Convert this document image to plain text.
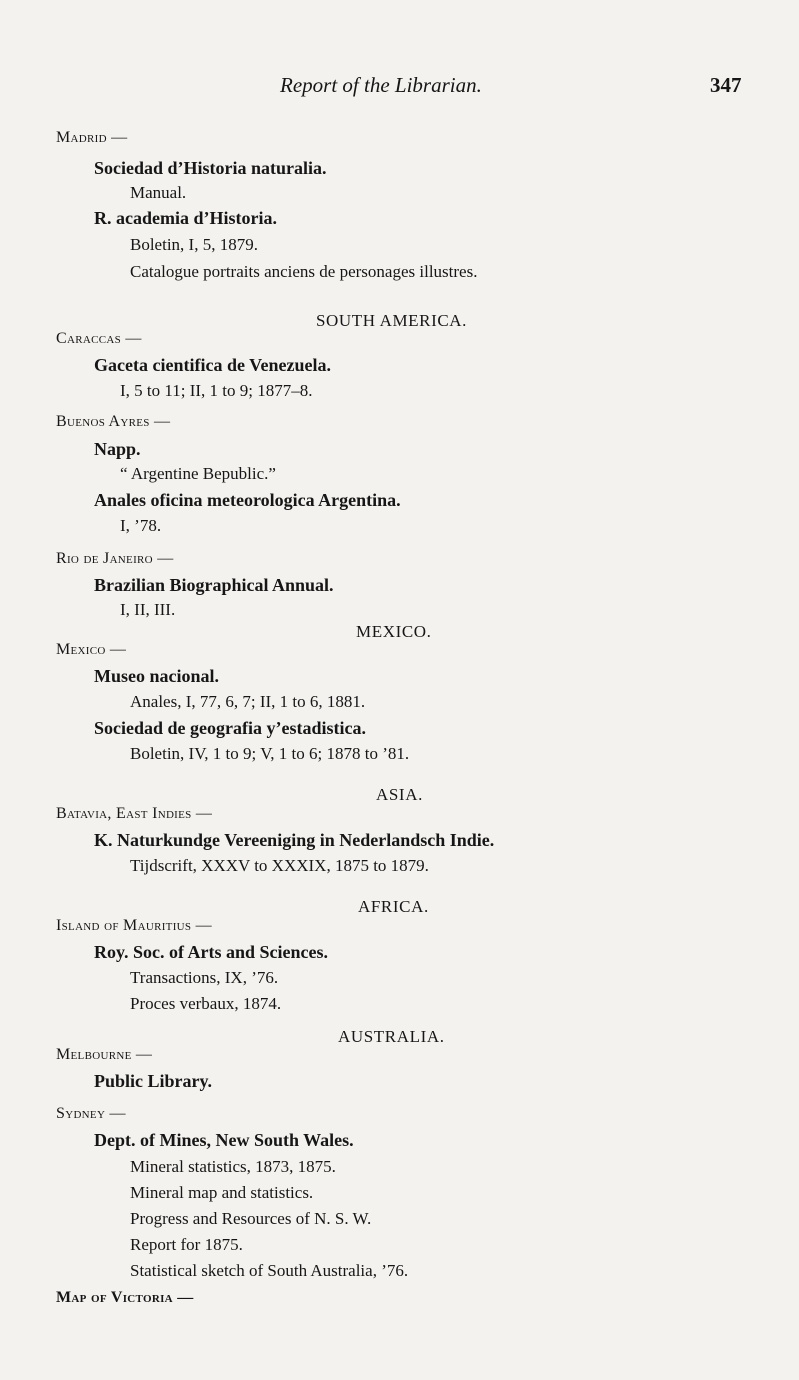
Report of the Librarian.	347
Madrid —
Sociedad d’Historia naturalia.
Manual.
R. academia d’Historia.
Boletin, I, 5, 1879.
Catalogue portraits anciens de personages illustres.
SOUTH AMERICA.
Caraccas —
Gaceta cientifica de Venezuela.
I, 5 to 11; II, 1 to 9; 1877–8.
Buenos Ayres —
Napp.
“ Argentine Bepublic.”
Anales oficina meteorologica Argentina.
I, ’78.
Rio de Janeiro —
Brazilian Biographical Annual.
I, II, III.
MEXICO.
Mexico —
Museo nacional.
Anales, I, 77, 6, 7; II, 1 to 6, 1881.
Sociedad de geografia y’estadistica.
Boletin, IV, 1 to 9; V, 1 to 6; 1878 to ’81.
ASIA.
Batavia, East Indies —
K. Naturkundge Vereeniging in Nederlandsch Indie.
Tijdscrift, XXXV to XXXIX, 1875 to 1879.
AFRICA.
Island of Mauritius —
Roy. Soc. of Arts and Sciences.
Transactions, IX, ’76.
Proces verbaux, 1874.
AUSTRALIA.
Melbourne —
Public Library.
Sydney —
Dept. of Mines, New South Wales.
Mineral statistics, 1873, 1875.
Mineral map and statistics.
Progress and Resources of N. S. W.
Report for 1875.
Statistical sketch of South Australia, ’76.
Map of Victoria —
